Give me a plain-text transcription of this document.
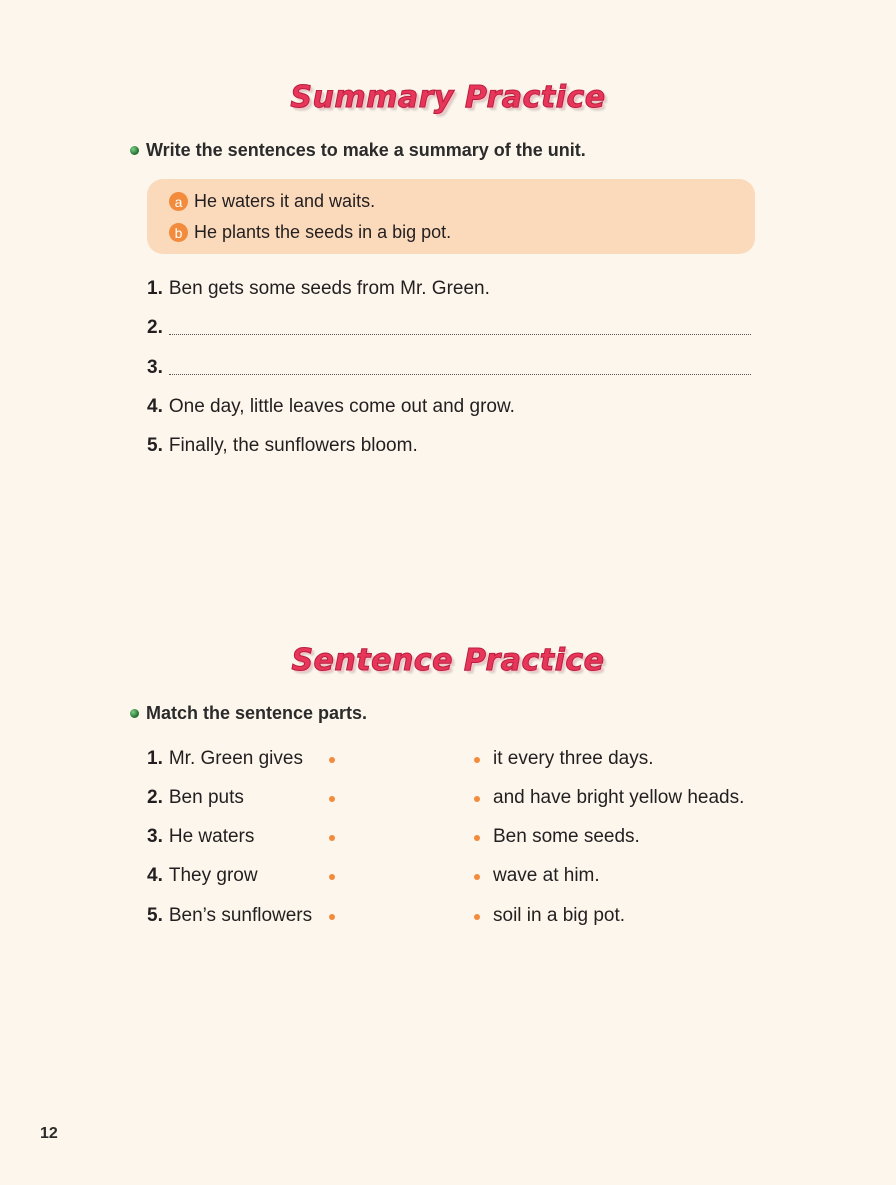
Summary Practice
Write the sentences to make a summary of the unit.
a He waters it and waits.
b He plants the seeds in a big pot.
1. Ben gets some seeds from Mr. Green.
2.
3.
4. One day, little leaves come out and grow.
5. Finally, the sunflowers bloom.
Sentence Practice
Match the sentence parts.
1. Mr. Green gives
2. Ben puts
3. He waters
4. They grow
5. Ben’s sunflowers
it every three days.
and have bright yellow heads.
Ben some seeds.
wave at him.
soil in a big pot.
12
